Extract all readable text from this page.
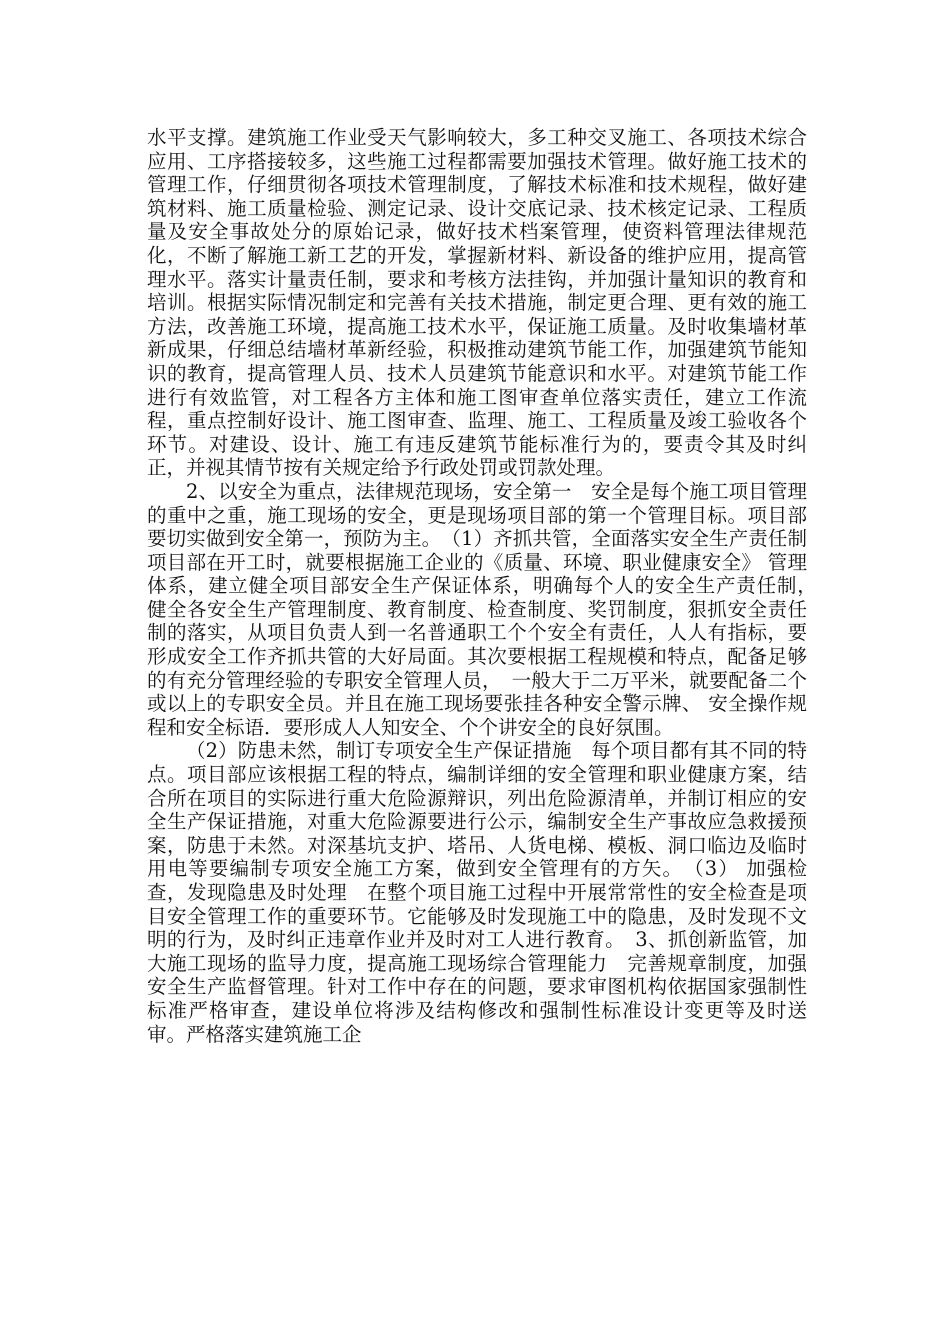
水平支撑。建筑施工作业受天气影响较大，多工种交叉施工、各项技术综合应用、工序搭接较多，这些施工过程都需要加强技术管理。做好施工技术的管理工作，仔细贯彻各项技术管理制度，了解技术标准和技术规程，做好建筑材料、施工质量检验、测定记录、设计交底记录、技术核定记录、工程质量及安全事故处分的原始记录，做好技术档案管理，使资料管理法律规范化，不断了解施工新工艺的开发，掌握新材料、新设备的维护应用，提高管理水平。落实计量责任制，要求和考核方法挂钩，并加强计量知识的教育和培训。根据实际情况制定和完善有关技术措施，制定更合理、更有效的施工方法，改善施工环境，提高施工技术水平，保证施工质量。及时收集墙材革新成果，仔细总结墙材革新经验，积极推动建筑节能工作，加强建筑节能知识的教育，提高管理人员、技术人员建筑节能意识和水平。对建筑节能工作进行有效监管，对工程各方主体和施工图审查单位落实责任，建立工作流程，重点控制好设计、施工图审查、监理、施工、工程质量及竣工验收各个环节。对建设、设计、施工有违反建筑节能标准行为的，要责令其及时纠正，并视其情节按有关规定给予行政处罚或罚款处理。

2、以安全为重点，法律规范现场，安全第一　安全是每个施工项目管理的重中之重，施工现场的安全，更是现场项目部的第一个管理目标。项目部要切实做到安全第一，预防为主。　（1）齐抓共管，全面落实安全生产责任制　项目部在开工时，就要根据施工企业的《质量、环境、职业健康安全》 管理体系，建立健全项目部安全生产保证体系，明确每个人的安全生产责任制，　健全各安全生产管理制度、教育制度、检查制度、奖罚制度，狠抓安全责任制的落实，从项目负责人到一名普通职工个个安全有责任，人人有指标，要形成安全工作齐抓共管的大好局面。其次要根据工程规模和特点，配备足够的有充分管理经验的专职安全管理人员，　一般大于二万平米，就要配备二个或以上的专职安全员。并且在施工现场要张挂各种安全警示牌、 安全操作规程和安全标语．要形成人人知安全、个个讲安全的良好氛围。

（2）防患未然，制订专项安全生产保证措施　每个项目都有其不同的特点。项目部应该根据工程的特点，编制详细的安全管理和职业健康方案，结合所在项目的实际进行重大危险源辩识，列出危险源清单，并制订相应的安全生产保证措施，对重大危险源要进行公示，编制安全生产事故应急救援预案，防患于未然。对深基坑支护、塔吊、人货电梯、模板、洞口临边及临时用电等要编制专项安全施工方案，做到安全管理有的方矢。　（3） 加强检查，发现隐患及时处理　在整个项目施工过程中开展常常性的安全检查是项目安全管理工作的重要环节。它能够及时发现施工中的隐患，及时发现不文明的行为，及时纠正违章作业并及时对工人进行教育。　3、抓创新监管，加大施工现场的监导力度，提高施工现场综合管理能力　完善规章制度，加强安全生产监督管理。针对工作中存在的问题，要求审图机构依据国家强制性标准严格审查，建设单位将涉及结构修改和强制性标准设计变更等及时送审。严格落实建筑施工企
